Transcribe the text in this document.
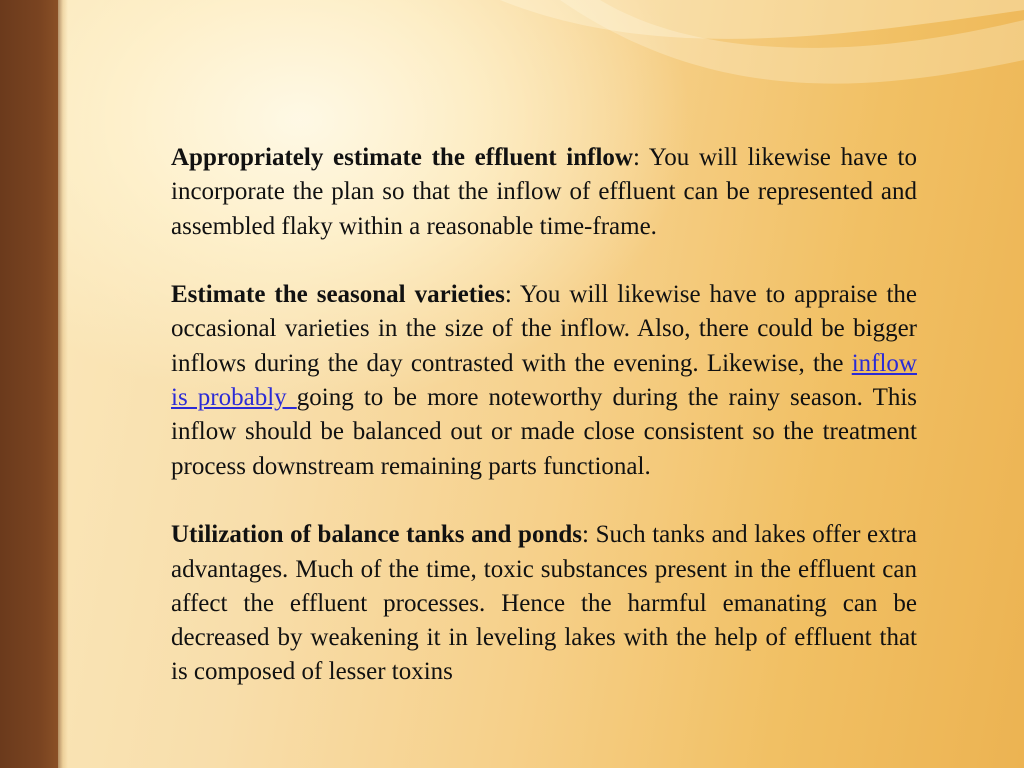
Appropriately estimate the effluent inflow: You will likewise have to incorporate the plan so that the inflow of effluent can be represented and assembled flaky within a reasonable time-frame.

Estimate the seasonal varieties: You will likewise have to appraise the occasional varieties in the size of the inflow. Also, there could be bigger inflows during the day contrasted with the evening. Likewise, the inflow is probably going to be more noteworthy during the rainy season. This inflow should be balanced out or made close consistent so the treatment process downstream remaining parts functional.

Utilization of balance tanks and ponds: Such tanks and lakes offer extra advantages. Much of the time, toxic substances present in the effluent can affect the effluent processes. Hence the harmful emanating can be decreased by weakening it in leveling lakes with the help of effluent that is composed of lesser toxins
